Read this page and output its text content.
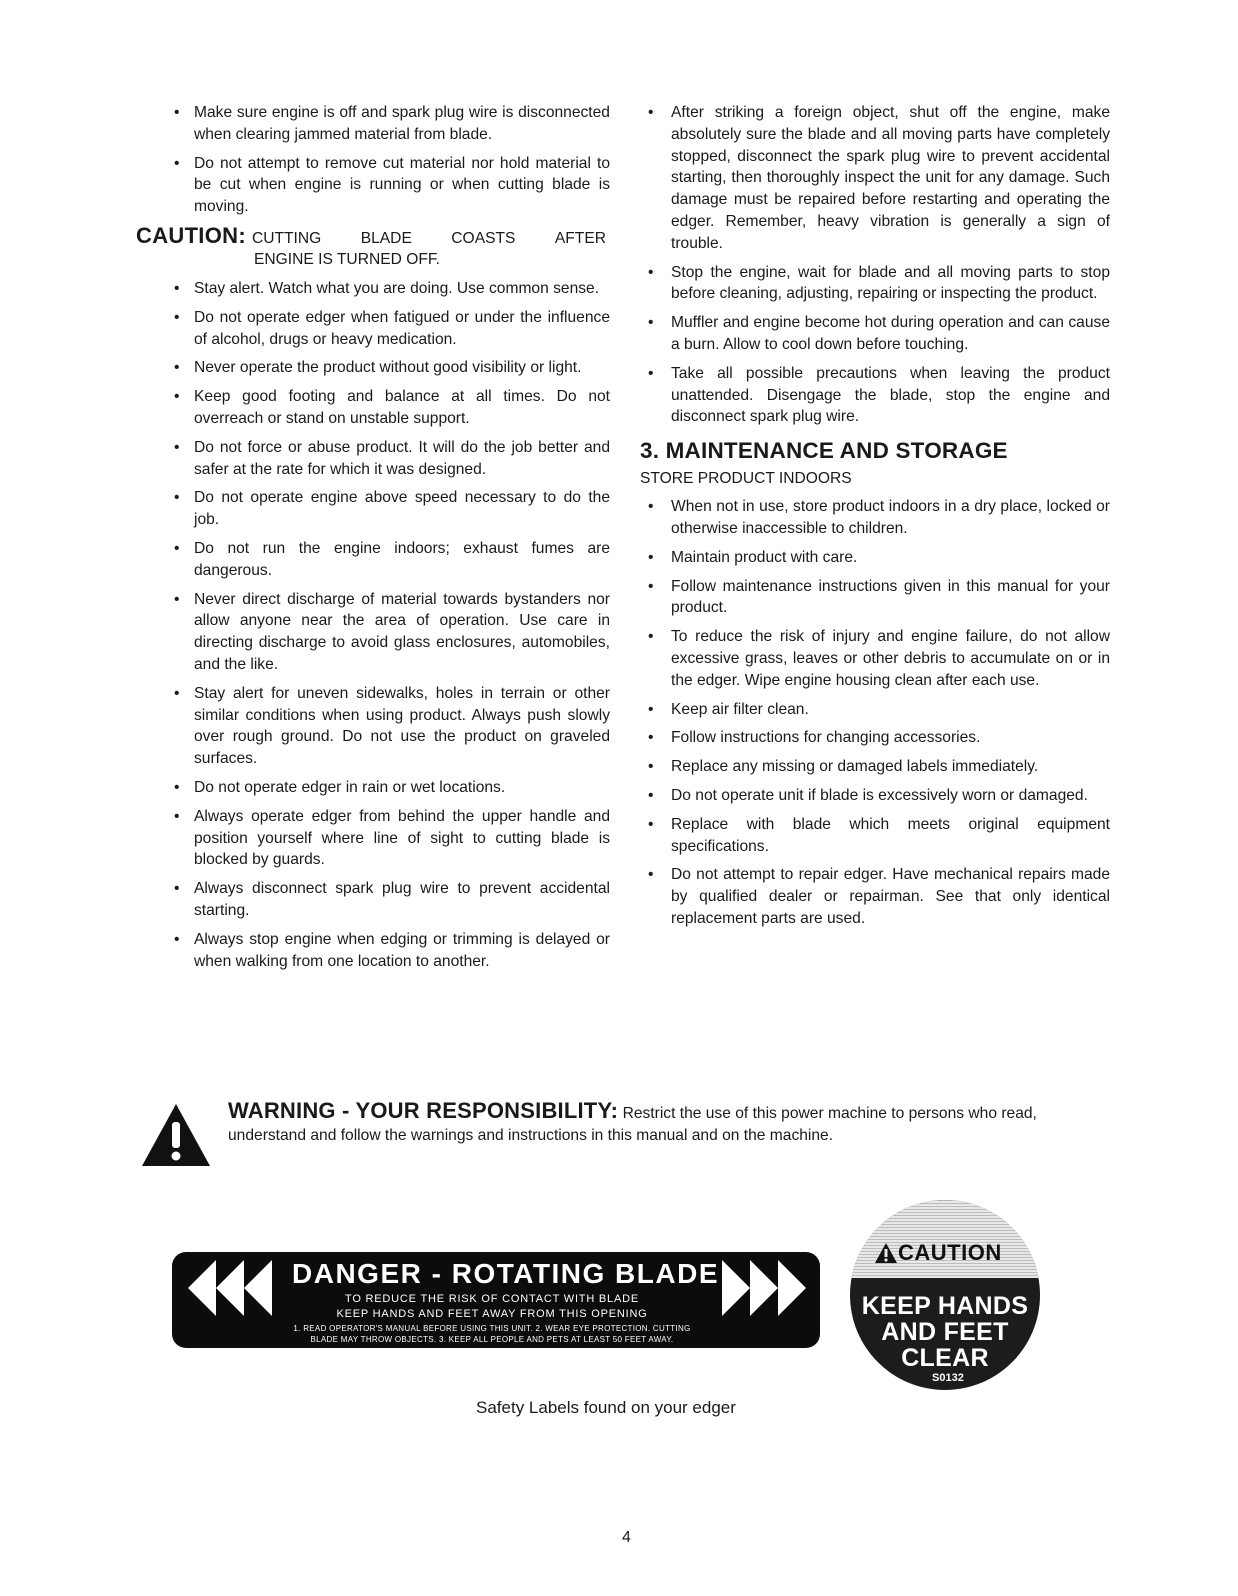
• Make sure engine is off and spark plug wire is disconnected when clearing jammed material from blade.
• Do not attempt to remove cut material nor hold material to be cut when engine is running or when cutting blade is moving.
CAUTION: CUTTING	BLADE	COASTS	AFTER
ENGINE IS TURNED OFF.
• Stay alert. Watch what you are doing. Use common sense.
• Do not operate edger when fatigued or under the influence of alcohol, drugs or heavy medication.
• Never operate the product without good visibility or light.
• Keep good footing and balance at all times. Do not overreach or stand on unstable support.
• Do not force or abuse product. It will do the job better and safer at the rate for which it was designed.
• Do not operate engine above speed necessary to do the job.
• Do not run the engine indoors; exhaust fumes are dangerous.
• Never direct discharge of material towards bystanders nor allow anyone near the area of operation. Use care in directing discharge to avoid glass enclosures, automobiles, and the like.
• Stay alert for uneven sidewalks, holes in terrain or other similar conditions when using product. Always push slowly over rough ground. Do not use the product on graveled surfaces.
• Do not operate edger in rain or wet locations.
• Always operate edger from behind the upper handle and position yourself where line of sight to cutting blade is blocked by guards.
• Always disconnect spark plug wire to prevent accidental starting.
• Always stop engine when edging or trimming is delayed or when walking from one location to another.
• After striking a foreign object, shut off the engine, make absolutely sure the blade and all moving parts have completely stopped, disconnect the spark plug wire to prevent accidental starting, then thoroughly inspect the unit for any damage. Such damage must be repaired before restarting and operating the edger. Remember, heavy vibration is generally a sign of trouble.
• Stop the engine, wait for blade and all moving parts to stop before cleaning, adjusting, repairing or inspecting the product.
• Muffler and engine become hot during operation and can cause a burn. Allow to cool down before touching.
• Take all possible precautions when leaving the product unattended. Disengage the blade, stop the engine and disconnect spark plug wire.
3. MAINTENANCE AND STORAGE
STORE PRODUCT INDOORS
• When not in use, store product indoors in a dry place, locked or otherwise inaccessible to children.
• Maintain product with care.
• Follow maintenance instructions given in this manual for your product.
• To reduce the risk of injury and engine failure, do not allow excessive grass, leaves or other debris to accumulate on or in the edger. Wipe engine housing clean after each use.
• Keep air filter clean.
• Follow instructions for changing accessories.
• Replace any missing or damaged labels immediately.
• Do not operate unit if blade is excessively worn or damaged.
• Replace with blade which meets original equipment specifications.
• Do not attempt to repair edger. Have mechanical repairs made by qualified dealer or repairman. See that only identical replacement parts are used.
WARNING - YOUR RESPONSIBILITY: Restrict the use of this power machine to persons who read, understand and follow the warnings and instructions in this manual and on the machine.
DANGER - ROTATING BLADE
TO REDUCE THE RISK OF CONTACT WITH BLADE
KEEP HANDS AND FEET AWAY FROM THIS OPENING
1. READ OPERATOR'S MANUAL BEFORE USING THIS UNIT. 2. WEAR EYE PROTECTION. CUTTING
BLADE MAY THROW OBJECTS. 3. KEEP ALL PEOPLE AND PETS AT LEAST 50 FEET AWAY.
CAUTION
KEEP HANDS
AND FEET
CLEAR
S0132
Safety Labels found on your edger
4
